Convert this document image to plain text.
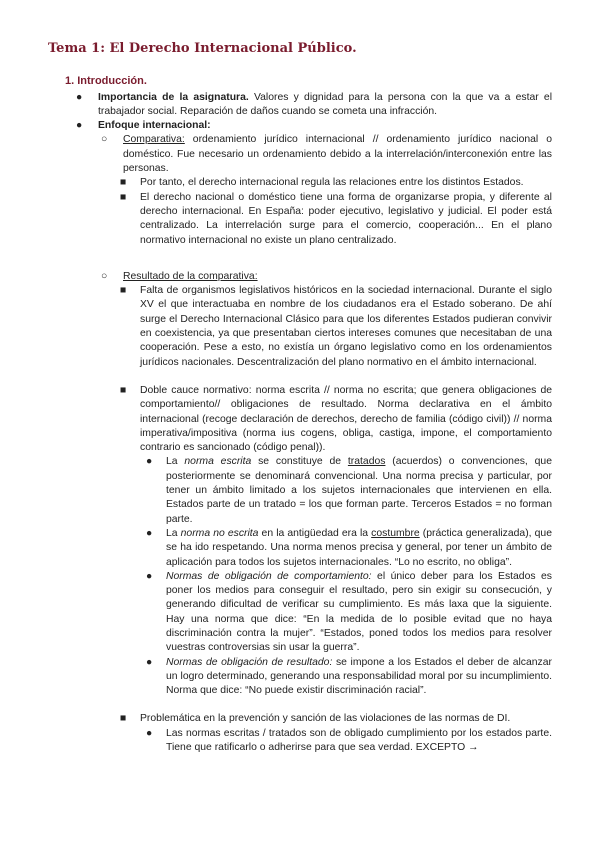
Tema 1: El Derecho Internacional Público.
1. Introducción.
● Importancia de la asignatura. Valores y dignidad para la persona con la que va a estar el trabajador social. Reparación de daños cuando se cometa una infracción.
● Enfoque internacional:
○ Comparativa: ordenamiento jurídico internacional // ordenamiento jurídico nacional o doméstico. Fue necesario un ordenamiento debido a la interrelación/interconexión entre las personas.
■ Por tanto, el derecho internacional regula las relaciones entre los distintos Estados.
■ El derecho nacional o doméstico tiene una forma de organizarse propia, y diferente al derecho internacional. En España: poder ejecutivo, legislativo y judicial. El poder está centralizado. La interrelación surge para el comercio, cooperación... En el plano normativo internacional no existe un plano centralizado.
○ Resultado de la comparativa:
■ Falta de organismos legislativos históricos en la sociedad internacional. Durante el siglo XV el que interactuaba en nombre de los ciudadanos era el Estado soberano. De ahí surge el Derecho Internacional Clásico para que los diferentes Estados pudieran convivir en coexistencia, ya que presentaban ciertos intereses comunes que necesitaban de una cooperación. Pese a esto, no existía un órgano legislativo como en los ordenamientos jurídicos nacionales. Descentralización del plano normativo en el ámbito internacional.
■ Doble cauce normativo: norma escrita // norma no escrita; que genera obligaciones de comportamiento// obligaciones de resultado. Norma declarativa en el ámbito internacional (recoge declaración de derechos, derecho de familia (código civil)) // norma imperativa/impositiva (norma ius cogens, obliga, castiga, impone, el comportamiento contrario es sancionado (código penal)).
● La norma escrita se constituye de tratados (acuerdos) o convenciones, que posteriormente se denominará convencional. Una norma precisa y particular, por tener un ámbito limitado a los sujetos internacionales que intervienen en ella. Estados parte de un tratado = los que forman parte. Terceros Estados = no forman parte.
● La norma no escrita en la antigüedad era la costumbre (práctica generalizada), que se ha ido respetando. Una norma menos precisa y general, por tener un ámbito de aplicación para todos los sujetos internacionales. “Lo no escrito, no obliga”.
● Normas de obligación de comportamiento: el único deber para los Estados es poner los medios para conseguir el resultado, pero sin exigir su consecución, y generando dificultad de verificar su cumplimiento. Es más laxa que la siguiente. Hay una norma que dice: “En la medida de lo posible evitad que no haya discriminación contra la mujer”. “Estados, poned todos los medios para resolver vuestras controversias sin usar la guerra”.
● Normas de obligación de resultado: se impone a los Estados el deber de alcanzar un logro determinado, generando una responsabilidad moral por su incumplimiento. Norma que dice: “No puede existir discriminación racial”.
■ Problemática en la prevención y sanción de las violaciones de las normas de DI.
● Las normas escritas / tratados son de obligado cumplimiento por los estados parte. Tiene que ratificarlo o adherirse para que sea verdad. EXCEPTO →
